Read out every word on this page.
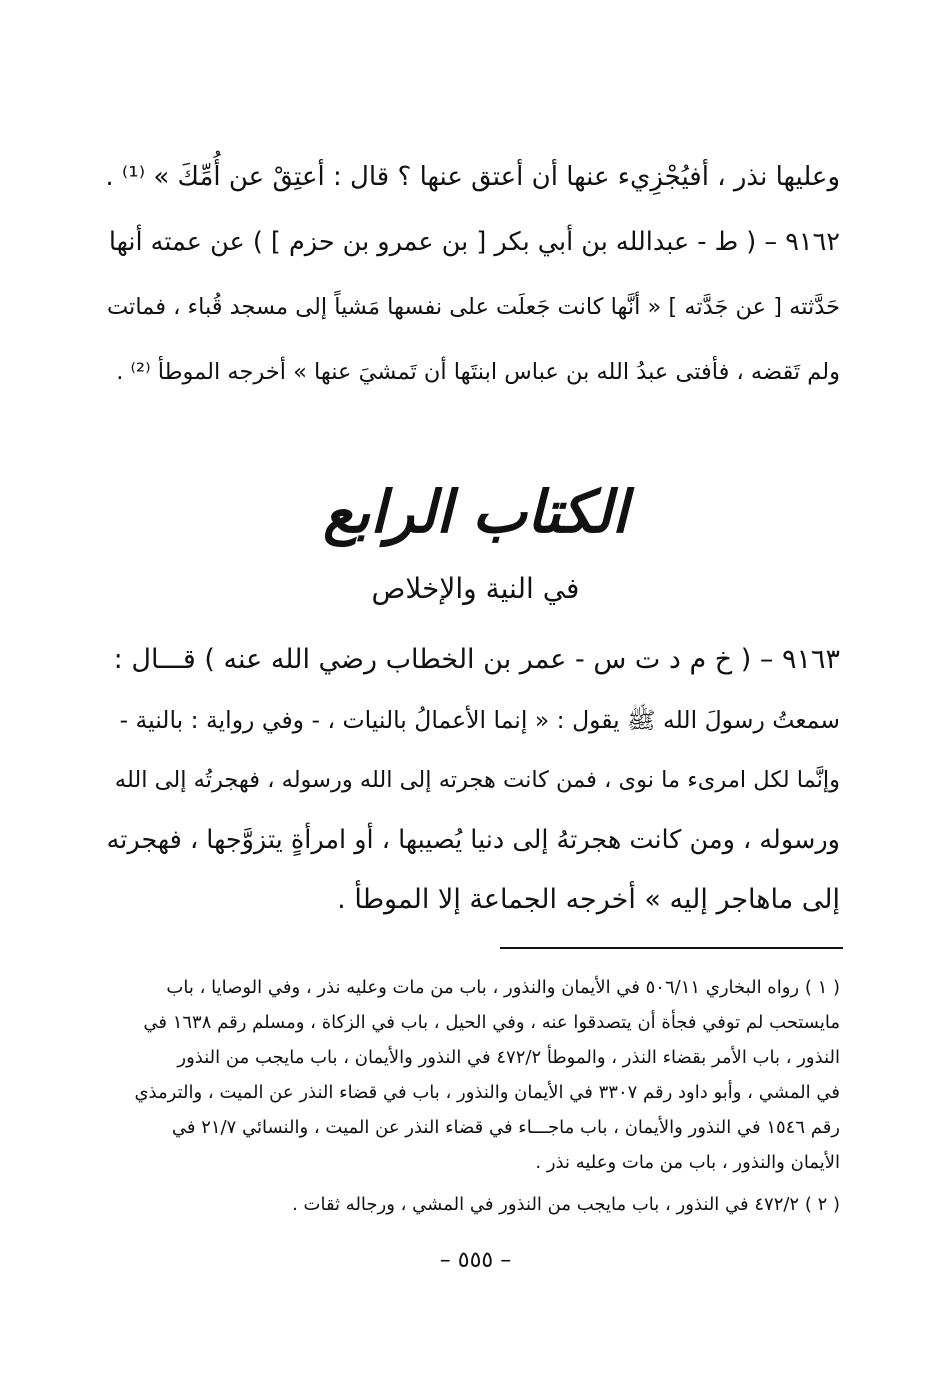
وعليها نذر ، أفيُجْزِيء عنها أن أعتق عنها ؟ قال : أعتِقْ عن أُمِّكَ » ⁽¹⁾ .
٩١٦٢ – ( ط - عبدالله بن أبي بكر [ بن عمرو بن حزم ] ) عن عمته أنها
حَدَّثته [ عن جَدَّته ] « أنَّها كانت جَعلَت على نفسها مَشياً إلى مسجد قُباء ، فماتت
ولم تَقضه ، فأفتى عبدُ الله بن عباس ابنتَها أن تَمشيَ عنها » أخرجه الموطأ ⁽²⁾ .
الكتاب الرابع
في النية والإخلاص
٩١٦٣ – ( خ م د ت س - عمر بن الخطاب رضي الله عنه ) قـــال :
سمعتُ رسولَ الله ﷺ يقول : « إنما الأعمالُ بالنيات ، - وفي رواية : بالنية -
وإنَّما لكل امرىء ما نوى ، فمن كانت هجرته إلى الله ورسوله ، فهجرتُه إلى الله
ورسوله ، ومن كانت هجرتهُ إلى دنيا يُصيبها ، أو امرأةٍ يتزوَّجها ، فهجرته
إلى ماهاجر إليه » أخرجه الجماعة إلا الموطأ .
( ١ ) رواه البخاري ٥٠٦/١١ في الأيمان والنذور ، باب من مات وعليه نذر ، وفي الوصايا ، باب
مايستحب لم توفي فجأة أن يتصدقوا عنه ، وفي الحيل ، باب في الزكاة ، ومسلم رقم ١٦٣٨ في
النذور ، باب الأمر بقضاء النذر ، والموطأ ٤٧٢/٢ في النذور والأيمان ، باب مايجب من النذور
في المشي ، وأبو داود رقم ٣٣٠٧ في الأيمان والنذور ، باب في قضاء النذر عن الميت ، والترمذي
رقم ١٥٤٦ في النذور والأيمان ، باب ماجـــاء في قضاء النذر عن الميت ، والنسائي ٢١/٧ في
الأيمان والنذور ، باب من مات وعليه نذر .
( ٢ ) ٤٧٢/٢ في النذور ، باب مايجب من النذور في المشي ، ورجاله ثقات .
– ٥٥٥ –
